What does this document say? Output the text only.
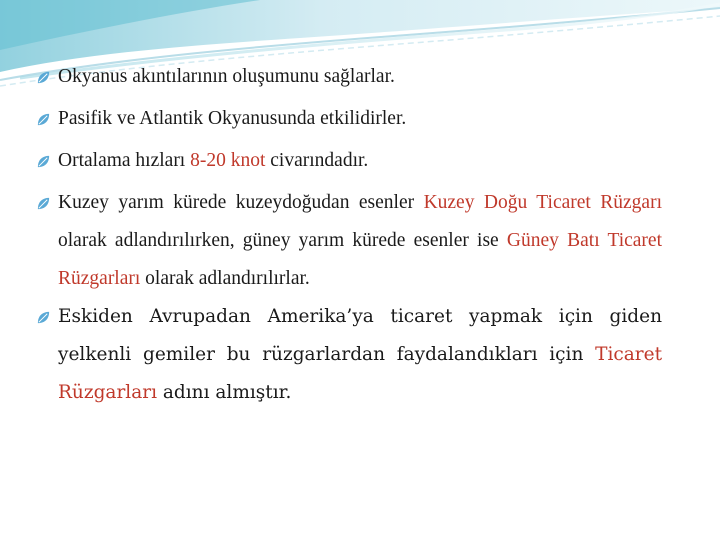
Okyanus akıntılarının oluşumunu sağlarlar.
Pasifik ve Atlantik Okyanusunda etkilidirler.
Ortalama hızları 8-20 knot civarındadır.
Kuzey yarım kürede kuzeydoğudan esenler Kuzey Doğu Ticaret Rüzgarı olarak adlandırılırken, güney yarım kürede esenler ise Güney Batı Ticaret Rüzgarları olarak adlandırılırlar.
Eskiden Avrupadan Amerika’ya ticaret yapmak için giden yelkenli gemiler bu rüzgarlardan faydalandıkları için Ticaret Rüzgarları adını almıştır.
